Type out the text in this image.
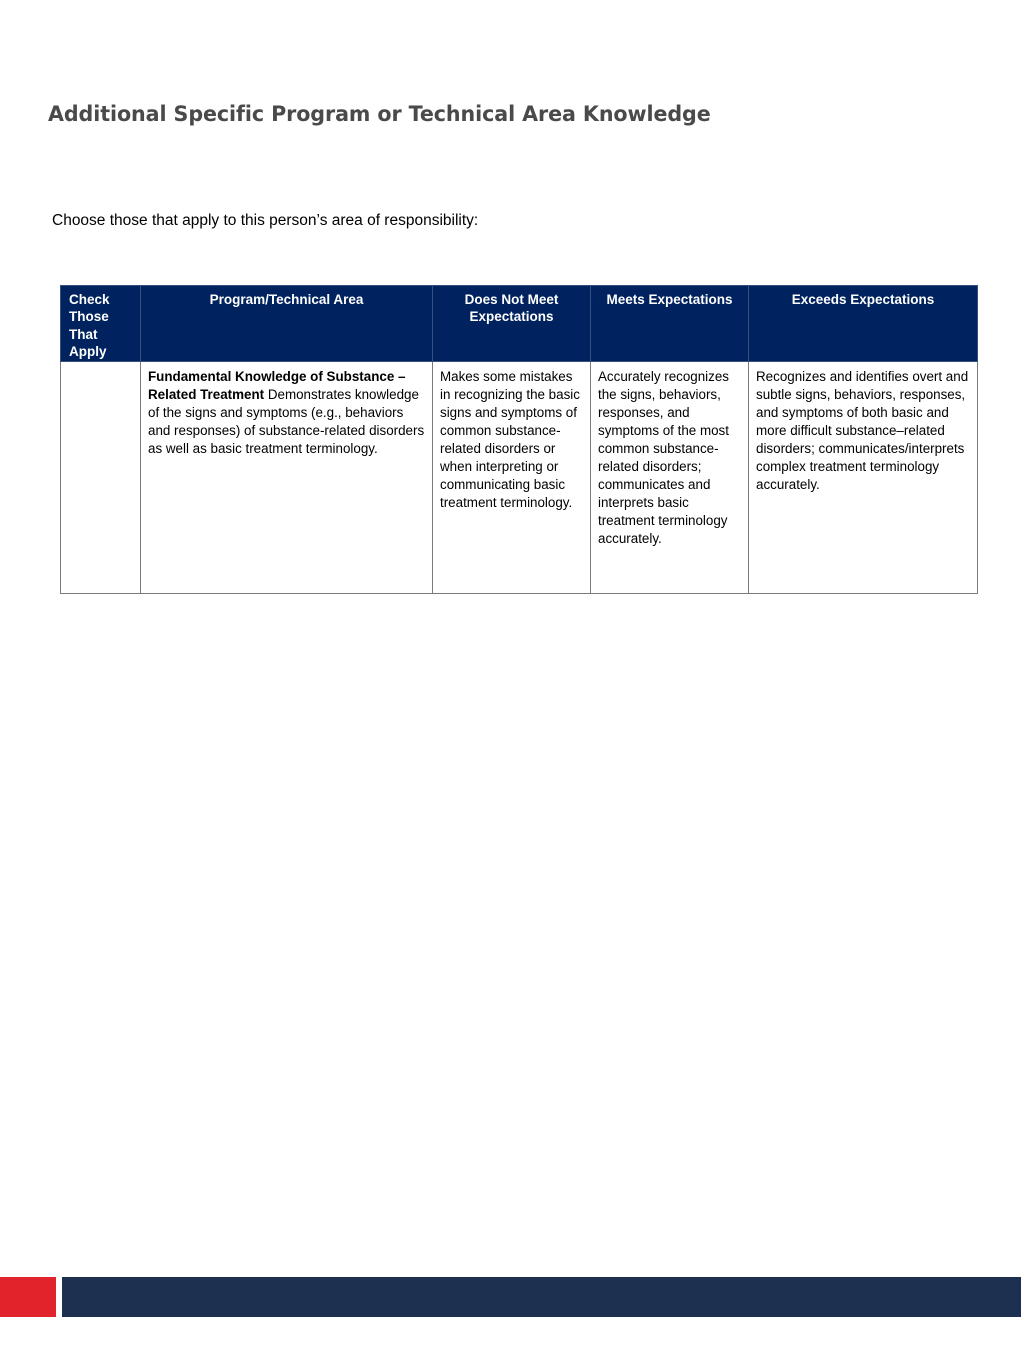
Additional Specific Program or Technical Area Knowledge
Choose those that apply to this person’s area of responsibility:
Check Those That Apply	Program/Technical Area	Does Not Meet Expectations	Meets Expectations	Exceeds Expectations
	Fundamental Knowledge of Substance –Related Treatment Demonstrates knowledge of the signs and symptoms (e.g., behaviors and responses) of substance-related disorders as well as basic treatment terminology.	Makes some mistakes in recognizing the basic signs and symptoms of common substance-related disorders or when interpreting or communicating basic treatment terminology.	Accurately recognizes the signs, behaviors, responses, and symptoms of the most common substance-related disorders; communicates and interprets basic treatment terminology accurately.	Recognizes and identifies overt and subtle signs, behaviors, responses, and symptoms of both basic and more difficult substance–related disorders; communicates/interprets complex treatment terminology accurately.
